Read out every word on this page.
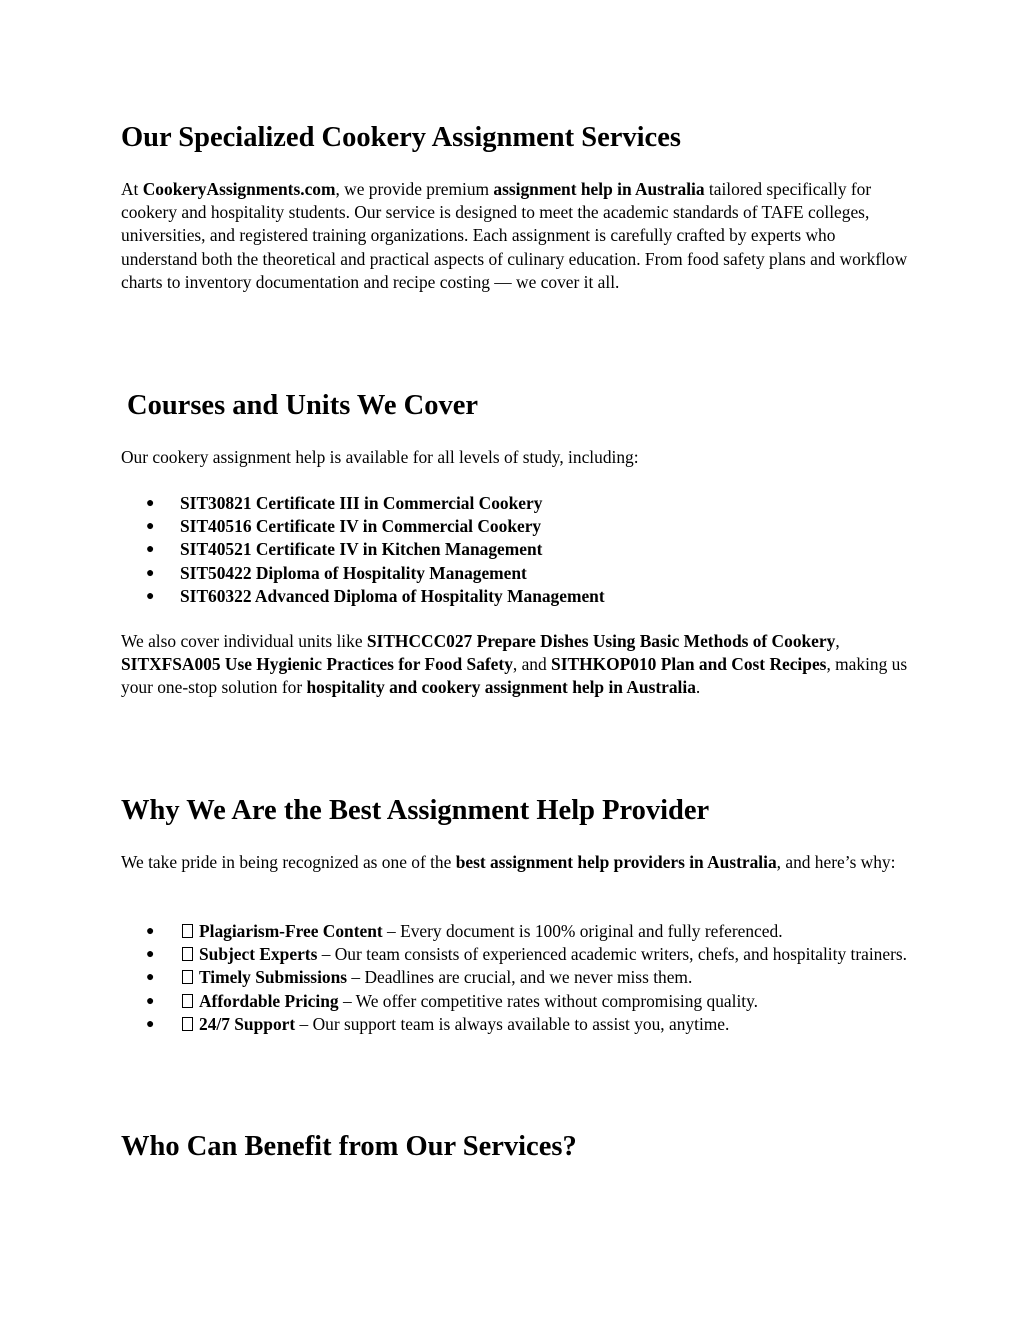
Our Specialized Cookery Assignment Services

At CookeryAssignments.com, we provide premium assignment help in Australia tailored specifically for cookery and hospitality students. Our service is designed to meet the academic standards of TAFE colleges, universities, and registered training organizations. Each assignment is carefully crafted by experts who understand both the theoretical and practical aspects of culinary education. From food safety plans and workflow charts to inventory documentation and recipe costing — we cover it all.

Courses and Units We Cover

Our cookery assignment help is available for all levels of study, including:

● SIT30821 Certificate III in Commercial Cookery
● SIT40516 Certificate IV in Commercial Cookery
● SIT40521 Certificate IV in Kitchen Management
● SIT50422 Diploma of Hospitality Management
● SIT60322 Advanced Diploma of Hospitality Management

We also cover individual units like SITHCCC027 Prepare Dishes Using Basic Methods of Cookery, SITXFSA005 Use Hygienic Practices for Food Safety, and SITHKOP010 Plan and Cost Recipes, making us your one-stop solution for hospitality and cookery assignment help in Australia.

Why We Are the Best Assignment Help Provider

We take pride in being recognized as one of the best assignment help providers in Australia, and here’s why:

●	Plagiarism-Free Content – Every document is 100% original and fully referenced.
●	Subject Experts – Our team consists of experienced academic writers, chefs, and hospitality trainers.
●	Timely Submissions – Deadlines are crucial, and we never miss them.
●	Affordable Pricing – We offer competitive rates without compromising quality.
●	24/7 Support – Our support team is always available to assist you, anytime.
Who Can Benefit from Our Services?
